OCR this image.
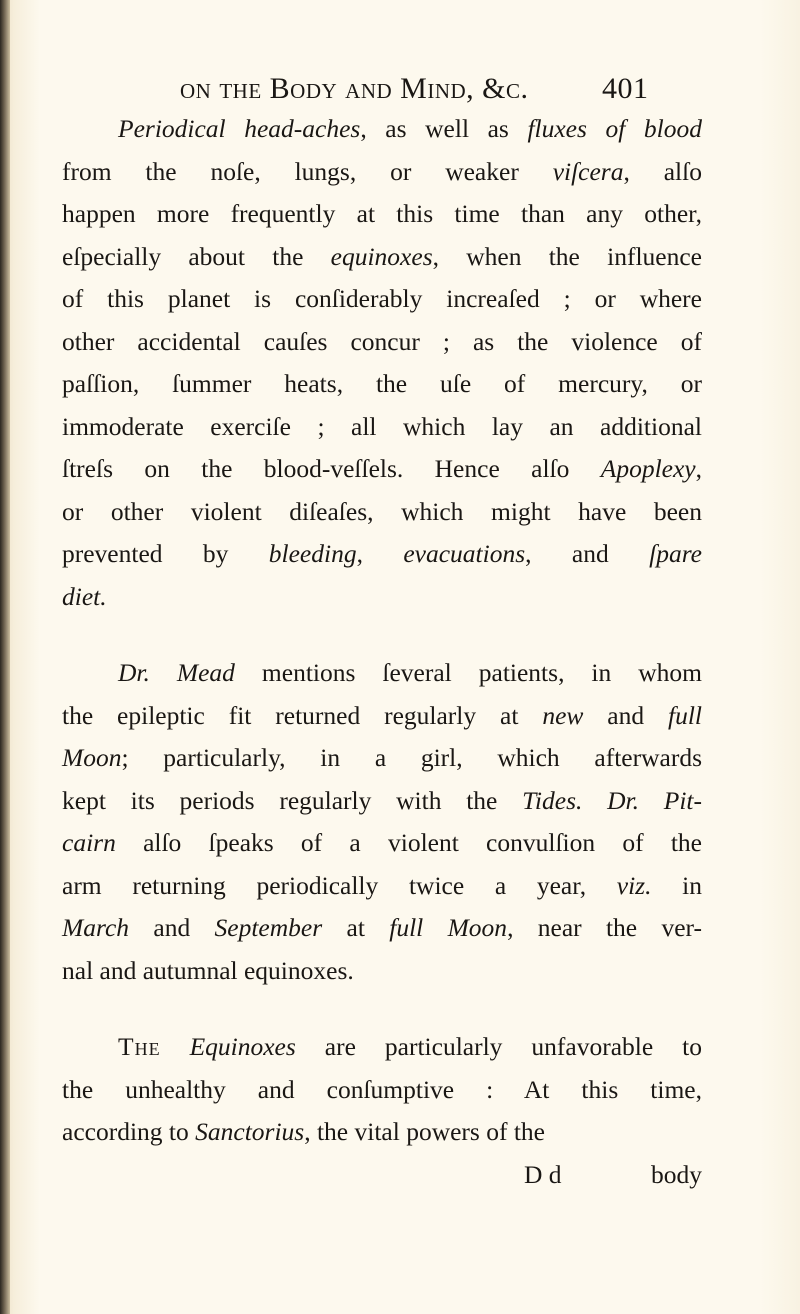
on the Body and Mind, &c. 401
Periodical head-aches, as well as fluxes of blood
from the noſe, lungs, or weaker viſcera, alſo
happen more frequently at this time than any other,
eſpecially about the equinoxes, when the influence
of this planet is conſiderably increaſed ; or where
other accidental cauſes concur ; as the violence of
paſſion, ſummer heats, the uſe of mercury, or
immoderate exerciſe ; all which lay an additional
ſtreſs on the blood-veſſels. Hence alſo Apoplexy,
or other violent diſeaſes, which might have been
prevented by bleeding, evacuations, and ſpare
diet.
Dr. Mead mentions ſeveral patients, in whom
the epileptic fit returned regularly at new and full
Moon; particularly, in a girl, which afterwards
kept its periods regularly with the Tides. Dr. Pit-
cairn alſo ſpeaks of a violent convulſion of the
arm returning periodically twice a year, viz. in
March and September at full Moon, near the ver-
nal and autumnal equinoxes.
The Equinoxes are particularly unfavorable to
the unhealthy and conſumptive : At this time,
according to Sanctorius, the vital powers of the
D d	body
